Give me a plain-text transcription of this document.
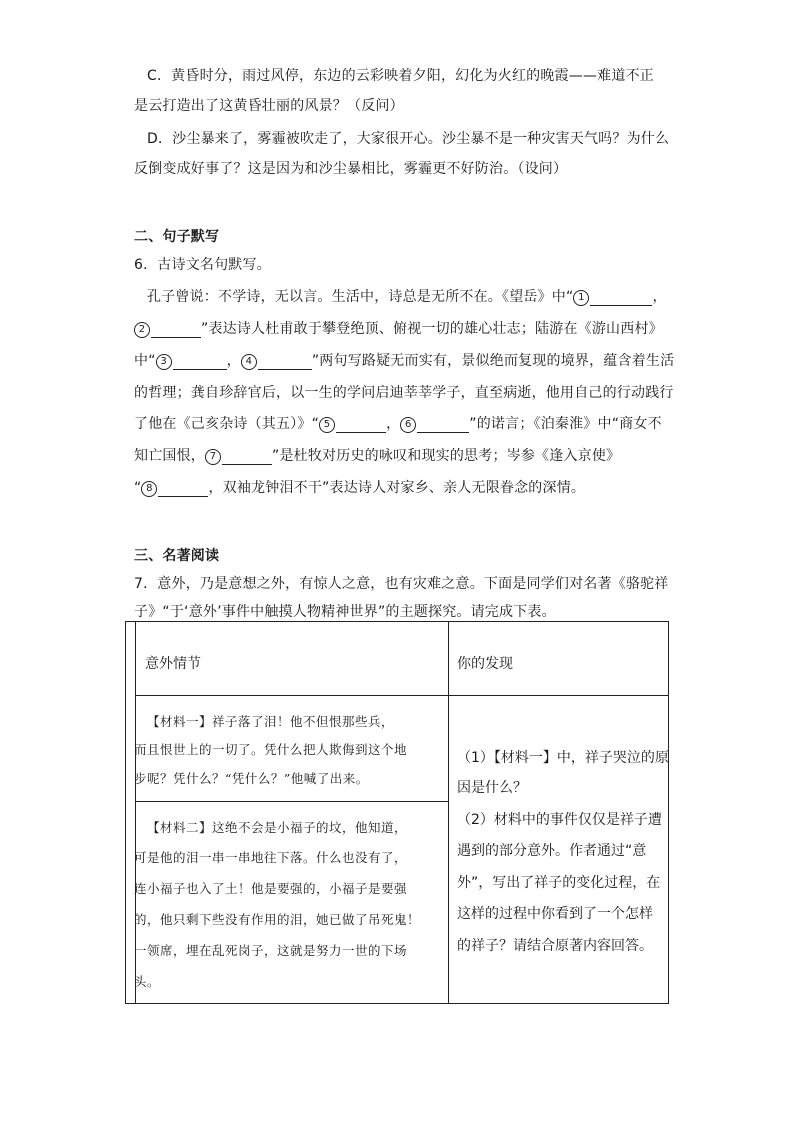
C．黄昏时分，雨过风停，东边的云彩映着夕阳，幻化为火红的晚霞——难道不正
是云打造出了这黄昏壮丽的风景？（反问）
D．沙尘暴来了，雾霾被吹走了，大家很开心。沙尘暴不是一种灾害天气吗？为什么
反倒变成好事了？这是因为和沙尘暴相比，雾霾更不好防治。（设问）
二、句子默写
6．古诗文名句默写。
孔子曾说：不学诗，无以言。生活中，诗总是无所不在。《望岳》中“ 1	，
2	”表达诗人杜甫敢于攀登绝顶、俯视一切的雄心壮志；陆游在《游山西村》
中“ 3	， 4	”两句写路疑无而实有，景似绝而复现的境界，蕴含着生活
的哲理；龚自珍辞官后，以一生的学问启迪莘莘学子，直至病逝，他用自己的行动践行
了他在《己亥杂诗（其五）》“ 5	， 6	”的诺言；《泊秦淮》中“商女不
知亡国恨， 7	”是杜牧对历史的咏叹和现实的思考；岑参《逢入京使》
“ 8	，双袖龙钟泪不干”表达诗人对家乡、亲人无限眷念的深情。
三、名著阅读
7．意外，乃是意想之外，有惊人之意，也有灾难之意。下面是同学们对名著《骆驼祥
子》“于‘意外’事件中触摸人物精神世界”的主题探究。请完成下表。
意外情节	你的发现
【材料一】祥子落了泪！他不但恨那些兵，
而且恨世上的一切了。凭什么把人欺侮到这个地
步呢？凭什么？“凭什么？”他喊了出来。
【材料二】这绝不会是小福子的坟，他知道，
可是他的泪一串一串地往下落。什么也没有了，
连小福子也入了土！他是要强的，小福子是要强
的，他只剩下些没有作用的泪，她已做了吊死鬼！
一领席，埋在乱死岗子，这就是努力一世的下场
头。
（1）【材料一】中，祥子哭泣的原
因是什么？
（2）材料中的事件仅仅是祥子遭
遇到的部分意外。作者通过“意
外”，写出了祥子的变化过程，在
这样的过程中你看到了一个怎样
的祥子？请结合原著内容回答。
